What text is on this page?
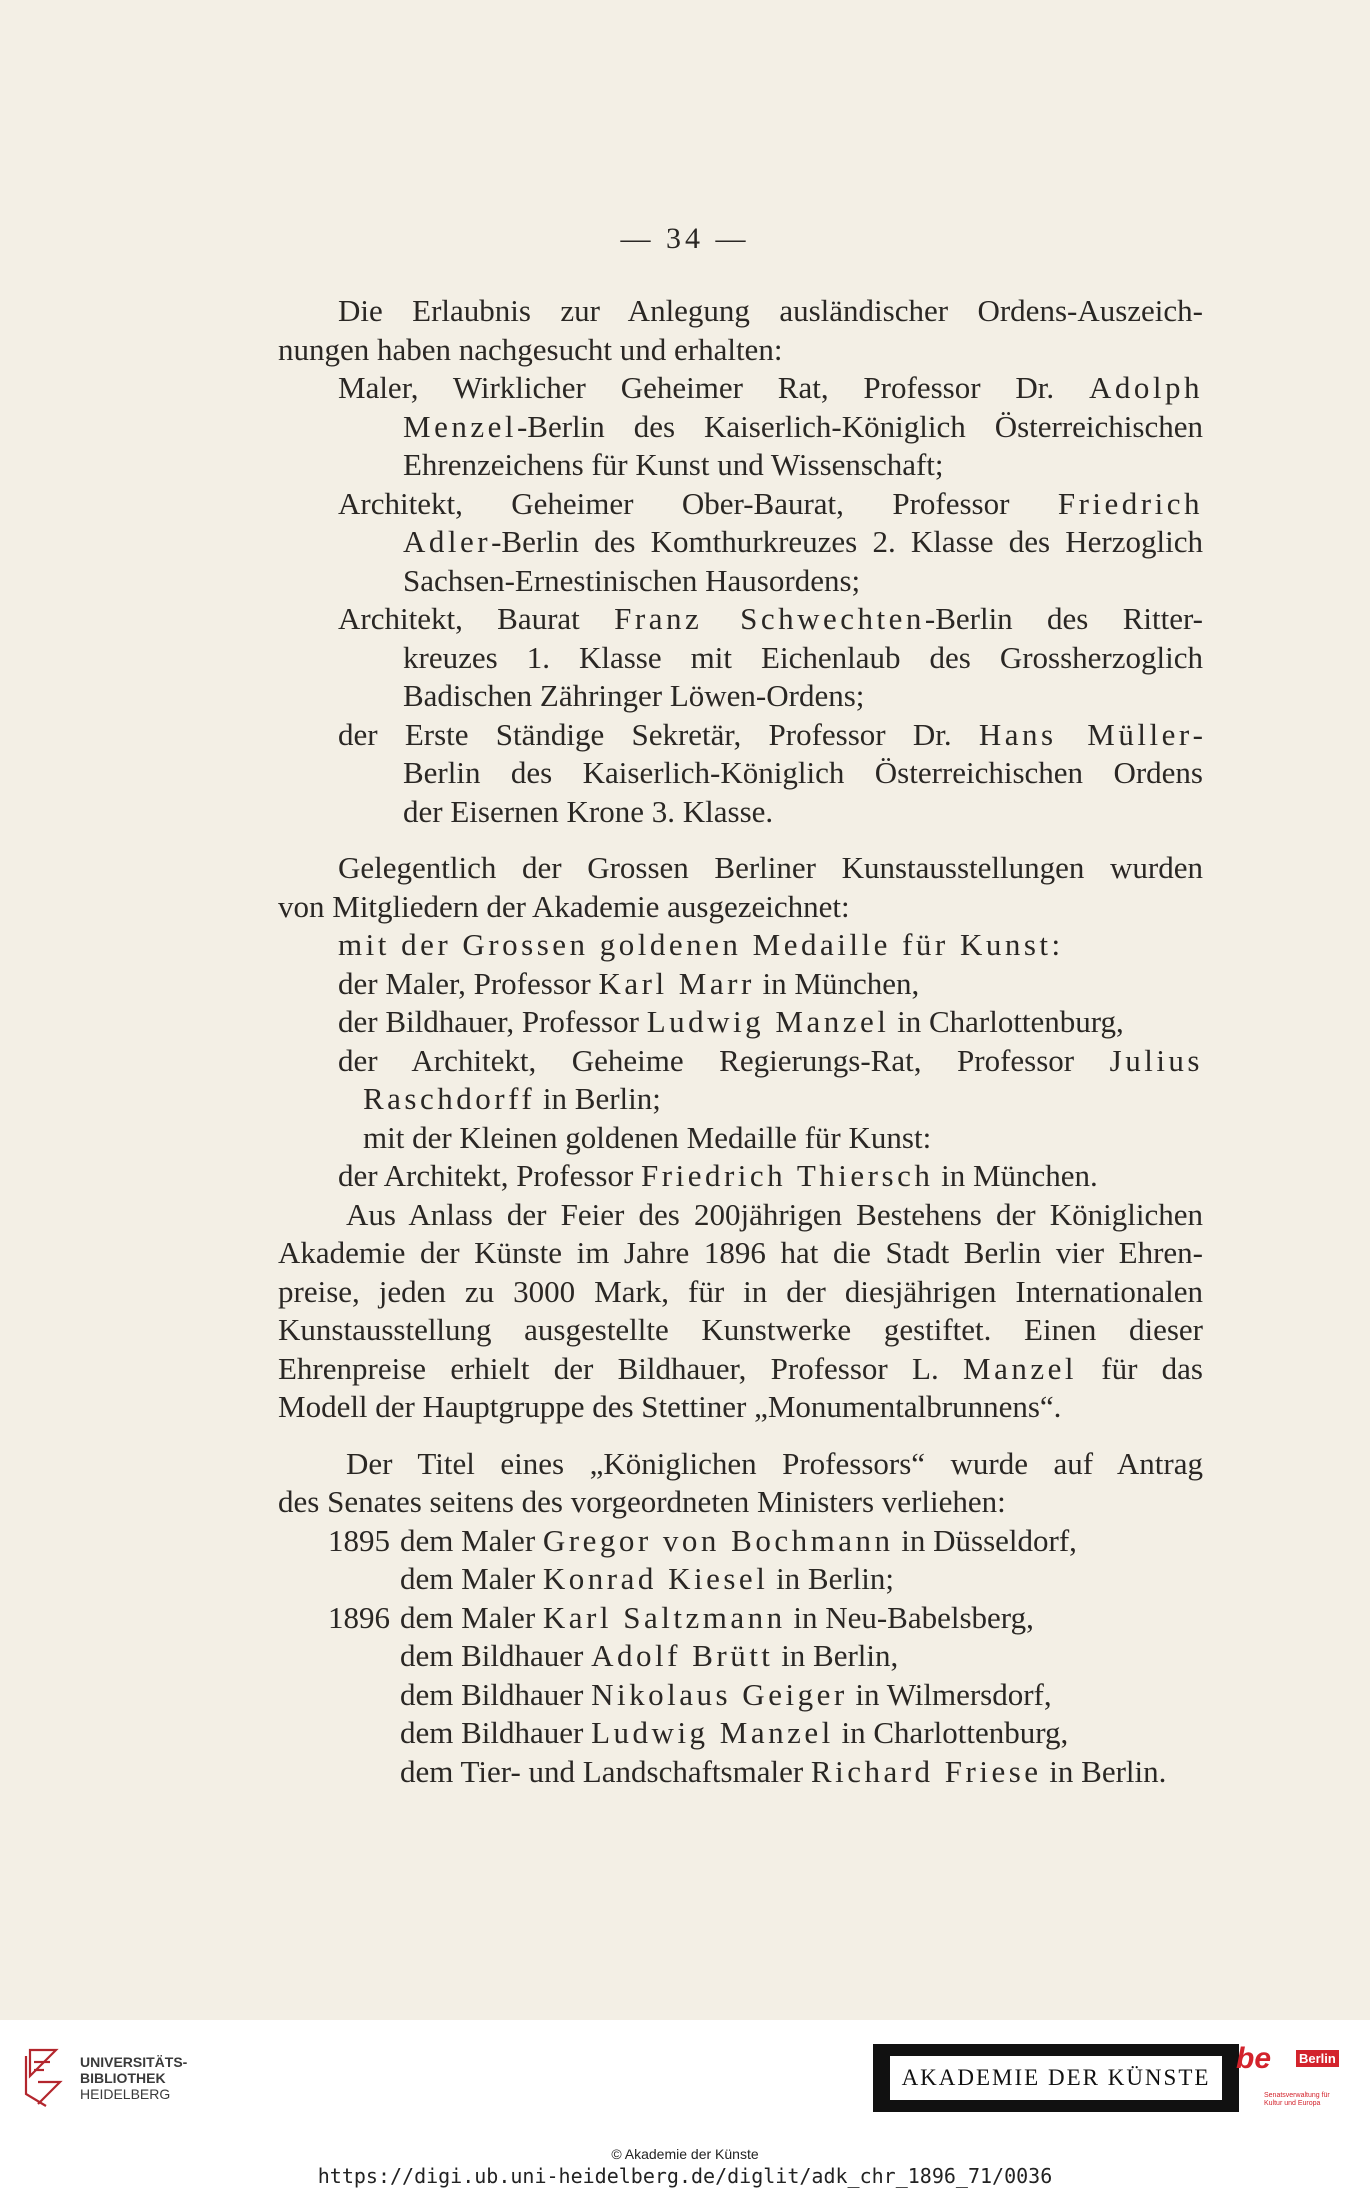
— 34 —
Die Erlaubnis zur Anlegung ausländischer Ordens-Auszeich-
nungen haben nachgesucht und erhalten:
Maler, Wirklicher Geheimer Rat, Professor Dr. Adolph
Menzel-Berlin des Kaiserlich-Königlich Österreichischen
Ehrenzeichens für Kunst und Wissenschaft;
Architekt, Geheimer Ober-Baurat, Professor Friedrich
Adler-Berlin des Komthurkreuzes 2. Klasse des Herzoglich
Sachsen-Ernestinischen Hausordens;
Architekt, Baurat Franz Schwechten-Berlin des Ritter-
kreuzes 1. Klasse mit Eichenlaub des Grossherzoglich
Badischen Zähringer Löwen-Ordens;
der Erste Ständige Sekretär, Professor Dr. Hans Müller-
Berlin des Kaiserlich-Königlich Österreichischen Ordens
der Eisernen Krone 3. Klasse.
Gelegentlich der Grossen Berliner Kunstausstellungen wurden
von Mitgliedern der Akademie ausgezeichnet:
mit der Grossen goldenen Medaille für Kunst:
der Maler, Professor Karl Marr in München,
der Bildhauer, Professor Ludwig Manzel in Charlottenburg,
der Architekt, Geheime Regierungs-Rat, Professor Julius
Raschdorff in Berlin;
mit der Kleinen goldenen Medaille für Kunst:
der Architekt, Professor Friedrich Thiersch in München.
Aus Anlass der Feier des 200jährigen Bestehens der Königlichen
Akademie der Künste im Jahre 1896 hat die Stadt Berlin vier Ehren-
preise, jeden zu 3000 Mark, für in der diesjährigen Internationalen
Kunstausstellung ausgestellte Kunstwerke gestiftet. Einen dieser
Ehrenpreise erhielt der Bildhauer, Professor L. Manzel für das
Modell der Hauptgruppe des Stettiner „Monumentalbrunnens“.
Der Titel eines „Königlichen Professors“ wurde auf Antrag
des Senates seitens des vorgeordneten Ministers verliehen:
1895 dem Maler Gregor von Bochmann in Düsseldorf,
dem Maler Konrad Kiesel in Berlin;
1896 dem Maler Karl Saltzmann in Neu-Babelsberg,
dem Bildhauer Adolf Brütt in Berlin,
dem Bildhauer Nikolaus Geiger in Wilmersdorf,
dem Bildhauer Ludwig Manzel in Charlottenburg,
dem Tier- und Landschaftsmaler Richard Friese in Berlin.
UNIVERSITÄTS-
BIBLIOTHEK
HEIDELBERG
AKADEMIE DER KÜNSTE
be Berlin
Senatsverwaltung für Kultur und Europa
© Akademie der Künste
https://digi.ub.uni-heidelberg.de/diglit/adk_chr_1896_71/0036
